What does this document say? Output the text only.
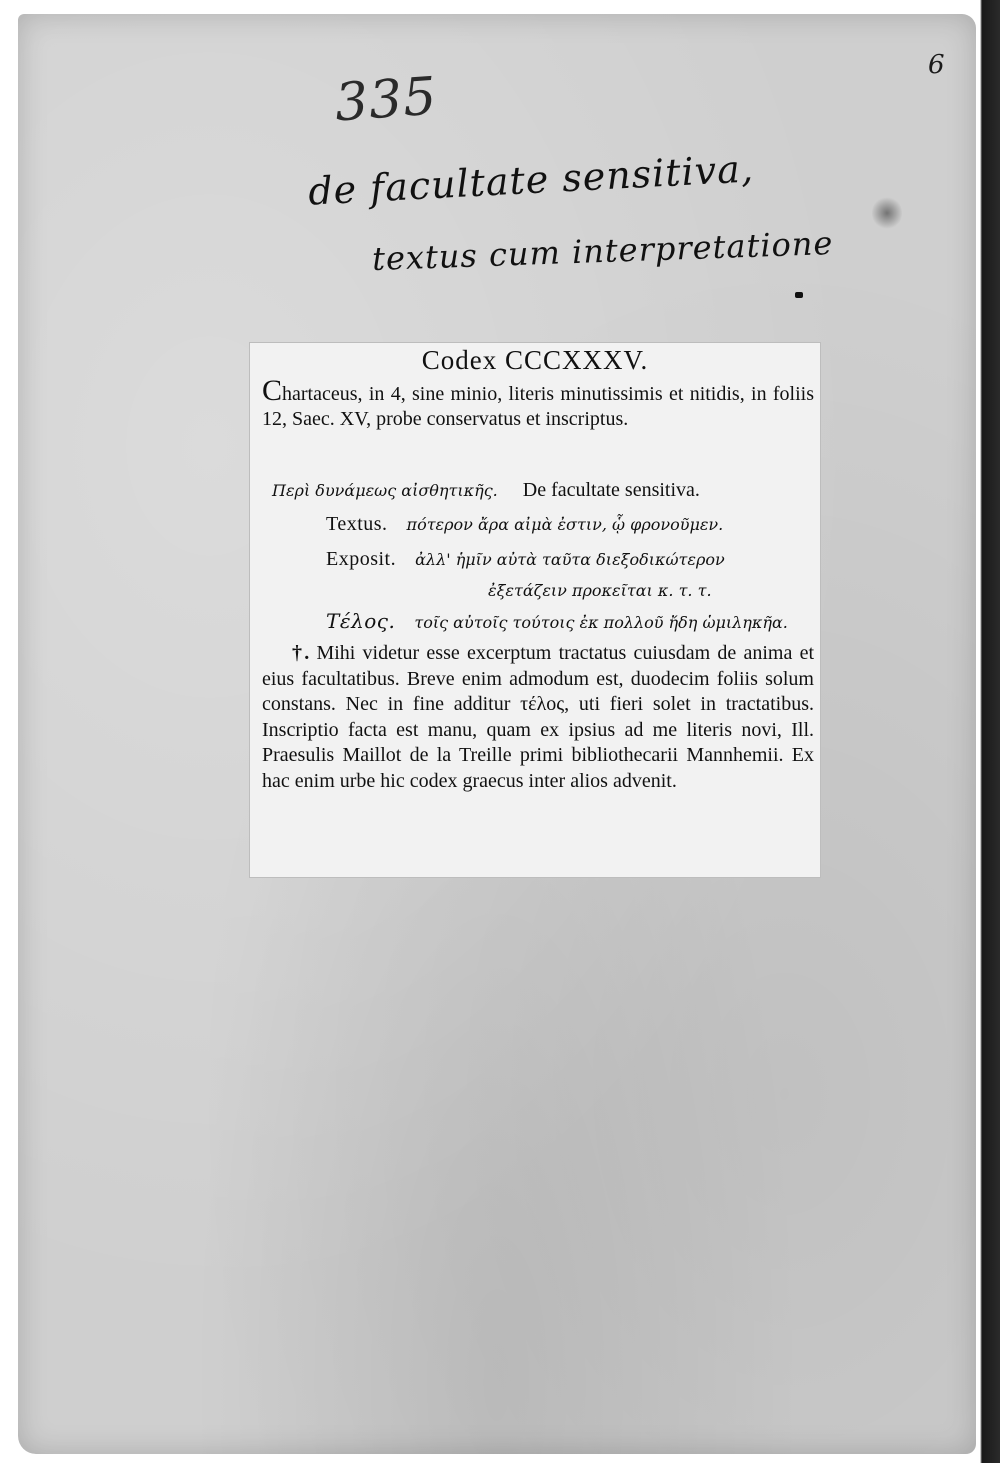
6
335
de facultate sensitiva,
textus cum interpretatione
Codex CCCXXXV.

Chartaceus, in 4, sine minio, literis minutissimis et nitidis, in foliis 12, Saec. XV, probe conservatus et inscriptus.

Περὶ δυνάμεως αἰσθητικῆς. De facultate sensitiva.
Textus. πότερον ἄρα αἰμὰ ἐστιν, ᾧ φρονοῦμεν.
Exposit. ἀλλ' ἡμῖν αὐτὰ ταῦτα διεξοδικώτερον
ἐξετάζειν προκεῖται κ. τ. τ.
Τέλος. τοῖς αὐτοῖς τούτοις ἐκ πολλοῦ ἤδη ὡμιληκῆα.

†. Mihi videtur esse excerptum tractatus cuiusdam de anima et eius facultatibus. Breve enim admodum est, duodecim foliis solum constans. Nec in fine additur τέλος, uti fieri solet in tractatibus. Inscriptio facta est manu, quam ex ipsius ad me literis novi, Ill. Praesulis Maillot de la Treille primi bibliothecarii Mannhemii. Ex hac enim urbe hic codex graecus inter alios advenit.
